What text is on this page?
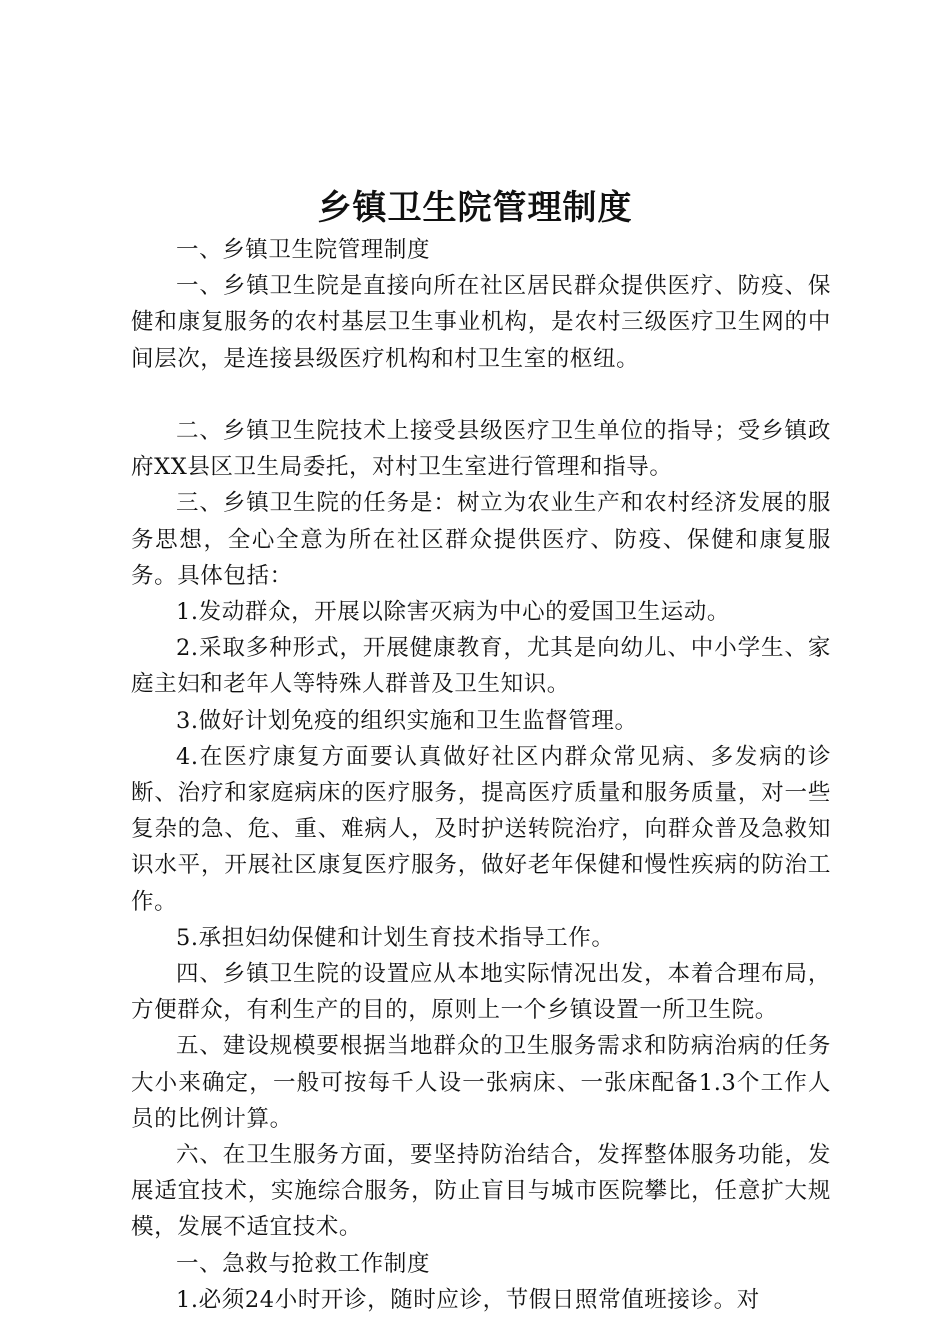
乡镇卫生院管理制度

一、乡镇卫生院管理制度

一、乡镇卫生院是直接向所在社区居民群众提供医疗、防疫、保健和康复服务的农村基层卫生事业机构，是农村三级医疗卫生网的中间层次，是连接县级医疗机构和村卫生室的枢纽。

二、乡镇卫生院技术上接受县级医疗卫生单位的指导；受乡镇政府XX县区卫生局委托，对村卫生室进行管理和指导。

三、乡镇卫生院的任务是：树立为农业生产和农村经济发展的服务思想，全心全意为所在社区群众提供医疗、防疫、保健和康复服务。具体包括：

1.发动群众，开展以除害灭病为中心的爱国卫生运动。

2.采取多种形式，开展健康教育，尤其是向幼儿、中小学生、家庭主妇和老年人等特殊人群普及卫生知识。

3.做好计划免疫的组织实施和卫生监督管理。

4.在医疗康复方面要认真做好社区内群众常见病、多发病的诊断、治疗和家庭病床的医疗服务，提高医疗质量和服务质量，对一些复杂的急、危、重、难病人，及时护送转院治疗，向群众普及急救知识水平，开展社区康复医疗服务，做好老年保健和慢性疾病的防治工作。

5.承担妇幼保健和计划生育技术指导工作。

四、乡镇卫生院的设置应从本地实际情况出发，本着合理布局，方便群众，有利生产的目的，原则上一个乡镇设置一所卫生院。

五、建设规模要根据当地群众的卫生服务需求和防病治病的任务大小来确定，一般可按每千人设一张病床、一张床配备1.3个工作人员的比例计算。

六、在卫生服务方面，要坚持防治结合，发挥整体服务功能，发展适宜技术，实施综合服务，防止盲目与城市医院攀比，任意扩大规模，发展不适宜技术。

一、急救与抢救工作制度

1.必须24小时开诊，随时应诊，节假日照常值班接诊。对
